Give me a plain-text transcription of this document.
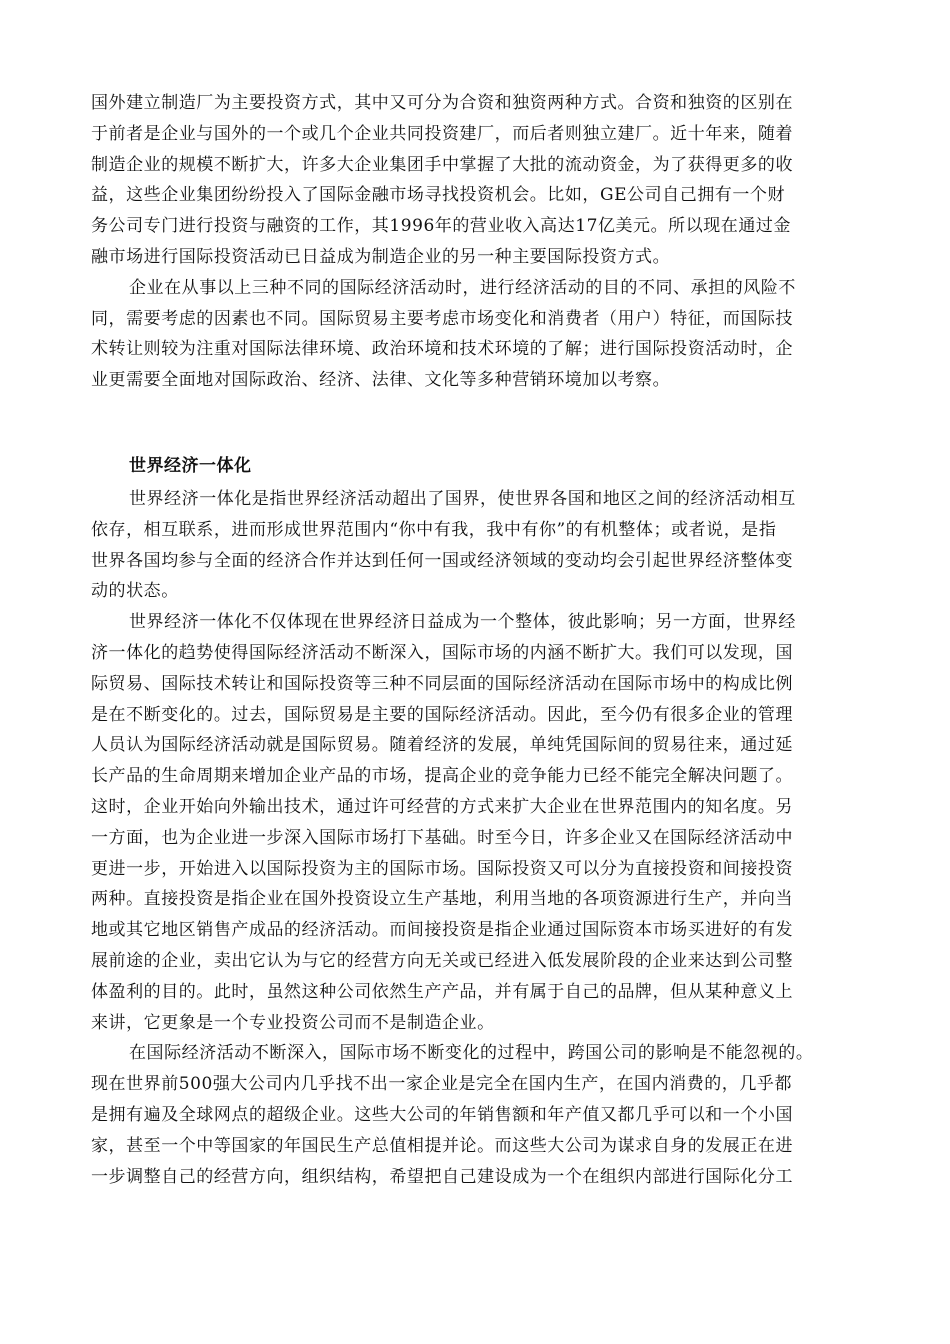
国外建立制造厂为主要投资方式，其中又可分为合资和独资两种方式。合资和独资的区别在
于前者是企业与国外的一个或几个企业共同投资建厂，而后者则独立建厂。近十年来，随着
制造企业的规模不断扩大，许多大企业集团手中掌握了大批的流动资金，为了获得更多的收
益，这些企业集团纷纷投入了国际金融市场寻找投资机会。比如，GE公司自己拥有一个财
务公司专门进行投资与融资的工作，其1996年的营业收入高达17亿美元。所以现在通过金
融市场进行国际投资活动已日益成为制造企业的另一种主要国际投资方式。
企业在从事以上三种不同的国际经济活动时，进行经济活动的目的不同、承担的风险不
同，需要考虑的因素也不同。国际贸易主要考虑市场变化和消费者（用户）特征，而国际技
术转让则较为注重对国际法律环境、政治环境和技术环境的了解；进行国际投资活动时，企
业更需要全面地对国际政治、经济、法律、文化等多种营销环境加以考察。
世界经济一体化
世界经济一体化是指世界经济活动超出了国界，使世界各国和地区之间的经济活动相互
依存，相互联系，进而形成世界范围内“你中有我，我中有你”的有机整体；或者说，是指
世界各国均参与全面的经济合作并达到任何一国或经济领域的变动均会引起世界经济整体变
动的状态。
世界经济一体化不仅体现在世界经济日益成为一个整体，彼此影响；另一方面，世界经
济一体化的趋势使得国际经济活动不断深入，国际市场的内涵不断扩大。我们可以发现，国
际贸易、国际技术转让和国际投资等三种不同层面的国际经济活动在国际市场中的构成比例
是在不断变化的。过去，国际贸易是主要的国际经济活动。因此，至今仍有很多企业的管理
人员认为国际经济活动就是国际贸易。随着经济的发展，单纯凭国际间的贸易往来，通过延
长产品的生命周期来增加企业产品的市场，提高企业的竞争能力已经不能完全解决问题了。
这时，企业开始向外输出技术，通过许可经营的方式来扩大企业在世界范围内的知名度。另
一方面，也为企业进一步深入国际市场打下基础。时至今日，许多企业又在国际经济活动中
更进一步，开始进入以国际投资为主的国际市场。国际投资又可以分为直接投资和间接投资
两种。直接投资是指企业在国外投资设立生产基地，利用当地的各项资源进行生产，并向当
地或其它地区销售产成品的经济活动。而间接投资是指企业通过国际资本市场买进好的有发
展前途的企业，卖出它认为与它的经营方向无关或已经进入低发展阶段的企业来达到公司整
体盈利的目的。此时，虽然这种公司依然生产产品，并有属于自己的品牌，但从某种意义上
来讲，它更象是一个专业投资公司而不是制造企业。
在国际经济活动不断深入，国际市场不断变化的过程中，跨国公司的影响是不能忽视的。
现在世界前500强大公司内几乎找不出一家企业是完全在国内生产，在国内消费的，几乎都
是拥有遍及全球网点的超级企业。这些大公司的年销售额和年产值又都几乎可以和一个小国
家，甚至一个中等国家的年国民生产总值相提并论。而这些大公司为谋求自身的发展正在进
一步调整自己的经营方向，组织结构，希望把自己建设成为一个在组织内部进行国际化分工
